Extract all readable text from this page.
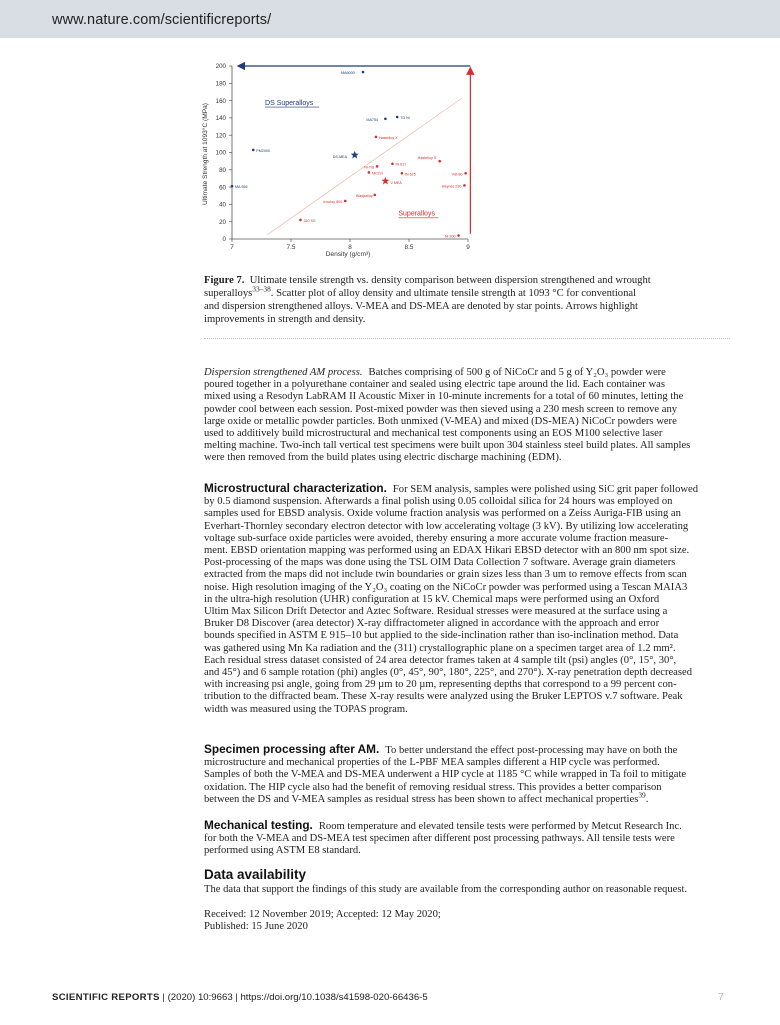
www.nature.com/scientificreports/
0
20
40
60
80
100
120
140
160
180
200
7	7.5	8	8.5	9
DS Superalloys
Superalloys
MA6000
MA754	TD Ni
PM2000
MA 956
DS-MEA
Hastelloy X
Hastelloy S
IN 617
Ni-TiS
NiCrSi	IN 625
V-MEA
Vdt-80
Haynes 230
Waspalloy
Incoloy 800
310 SS
Ni 200
Ultimate Strength at 1093°C (MPa)
Density (g/cm³)
Figure 7. Ultimate tensile strength vs. density comparison between dispersion strengthened and wrought
superalloys$^{33-38}$. Scatter plot of alloy density and ultimate tensile strength at 1093 °C for conventional
and dispersion strengthened alloys. V-MEA and DS-MEA are denoted by star points. Arrows highlight
improvements in strength and density.

Dispersion strengthened AM process. Batches comprising of 500 g of NiCoCr and 5 g of Y₂O₃ powder were

poured together in a polyurethane container and sealed using electric tape around the lid. Each container was

mixed using a Resodyn LabRAM II Acoustic Mixer in 10-minute increments for a total of 60 minutes, letting the

powder cool between each session. Post-mixed powder was then sieved using a 230 mesh screen to remove any

large oxide or metallic powder particles. Both unmixed (V-MEA) and mixed (DS-MEA) NiCoCr powders were

used to additively build microstructural and mechanical test components using an EOS M100 selective laser

melting machine. Two-inch tall vertical test specimens were built upon 304 stainless steel build plates. All samples

were then removed from the build plates using electric discharge machining (EDM).

Microstructural characterization. For SEM analysis, samples were polished using SiC grit paper followed

by 0.5 diamond suspension. Afterwards a final polish using 0.05 colloidal silica for 24 hours was employed on

samples used for EBSD analysis. Oxide volume fraction analysis was performed on a Zeiss Auriga-FIB using an

Everhart-Thornley secondary electron detector with low accelerating voltage (3 kV). By utilizing low accelerating

voltage sub-surface oxide particles were avoided, thereby ensuring a more accurate volume fraction measure-

ment. EBSD orientation mapping was performed using an EDAX Hikari EBSD detector with an 800 nm spot size.

Post-processing of the maps was done using the TSL OIM Data Collection 7 software. Average grain diameters

extracted from the maps did not include twin boundaries or grain sizes less than 3 um to remove effects from scan

noise. High resolution imaging of the Y₂O₃ coating on the NiCoCr powder was performed using a Tescan MAIA3

in the ultra-high resolution (UHR) configuration at 15 kV. Chemical maps were performed using an Oxford

Ultim Max Silicon Drift Detector and Aztec Software. Residual stresses were measured at the surface using a

Bruker D8 Discover (area detector) X-ray diffractometer aligned in accordance with the approach and error

bounds specified in ASTM E 915–10 but applied to the side-inclination rather than iso-inclination method. Data

was gathered using Mn Ka radiation and the (311) crystallographic plane on a specimen target area of 1.2 mm².

Each residual stress dataset consisted of 24 area detector frames taken at 4 sample tilt (psi) angles (0°, 15°, 30°,

and 45°) and 6 sample rotation (phi) angles (0°, 45°, 90°, 180°, 225°, and 270°). X-ray penetration depth decreased

with increasing psi angle, going from 29 µm to 20 µm, representing depths that correspond to a 99 percent con-

tribution to the diffracted beam. These X-ray results were analyzed using the Bruker LEPTOS v.7 software. Peak

width was measured using the TOPAS program.

Specimen processing after AM. To better understand the effect post-processing may have on both the

microstructure and mechanical properties of the L-PBF MEA samples different a HIP cycle was performed.

Samples of both the V-MEA and DS-MEA underwent a HIP cycle at 1185 °C while wrapped in Ta foil to mitigate

oxidation. The HIP cycle also had the benefit of removing residual stress. This provides a better comparison

between the DS and V-MEA samples as residual stress has been shown to affect mechanical properties$^{39}$.

Mechanical testing. Room temperature and elevated tensile tests were performed by Metcut Research Inc.

for both the V-MEA and DS-MEA test specimen after different post processing pathways. All tensile tests were

performed using ASTM E8 standard.

Data availability
The data that support the findings of this study are available from the corresponding author on reasonable request.

Received: 12 November 2019; Accepted: 12 May 2020;

Published: 15 June 2020

SCIENTIFIC REPORTS | (2020) 10:9663 | https://doi.org/10.1038/s41598-020-66436-5	7
